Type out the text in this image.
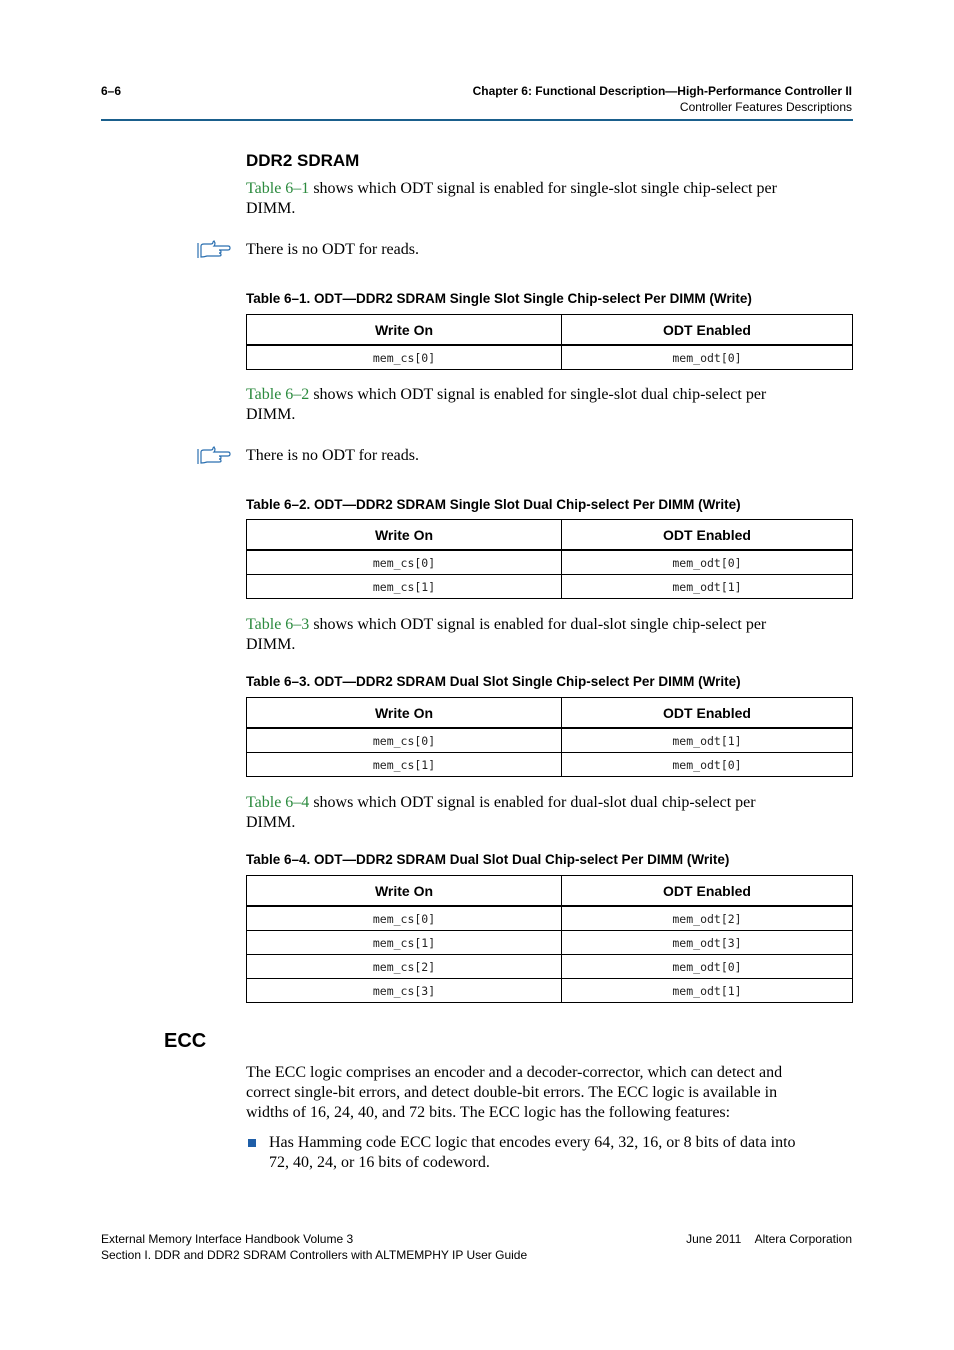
6–6	Chapter 6: Functional Description—High-Performance Controller II
Controller Features Descriptions
DDR2 SDRAM
Table 6–1 shows which ODT signal is enabled for single-slot single chip-select per
DIMM.
There is no ODT for reads.
Table 6–1. ODT—DDR2 SDRAM Single Slot Single Chip-select Per DIMM (Write)
Write On	ODT Enabled
mem_cs[0]	mem_odt[0]
Table 6–2 shows which ODT signal is enabled for single-slot dual chip-select per
DIMM.
There is no ODT for reads.
Table 6–2. ODT—DDR2 SDRAM Single Slot Dual Chip-select Per DIMM (Write)
Write On	ODT Enabled
mem_cs[0]	mem_odt[0]
mem_cs[1]	mem_odt[1]
Table 6–3 shows which ODT signal is enabled for dual-slot single chip-select per
DIMM.
Table 6–3. ODT—DDR2 SDRAM Dual Slot Single Chip-select Per DIMM (Write)
Write On	ODT Enabled
mem_cs[0]	mem_odt[1]
mem_cs[1]	mem_odt[0]
Table 6–4 shows which ODT signal is enabled for dual-slot dual chip-select per
DIMM.
Table 6–4. ODT—DDR2 SDRAM Dual Slot Dual Chip-select Per DIMM (Write)
Write On	ODT Enabled
mem_cs[0]	mem_odt[2]
mem_cs[1]	mem_odt[3]
mem_cs[2]	mem_odt[0]
mem_cs[3]	mem_odt[1]
ECC
The ECC logic comprises an encoder and a decoder-corrector, which can detect and
correct single-bit errors, and detect double-bit errors. The ECC logic is available in
widths of 16, 24, 40, and 72 bits. The ECC logic has the following features:
Has Hamming code ECC logic that encodes every 64, 32, 16, or 8 bits of data into
72, 40, 24, or 16 bits of codeword.
External Memory Interface Handbook Volume 3
Section I. DDR and DDR2 SDRAM Controllers with ALTMEMPHY IP User Guide
June 2011 Altera Corporation
